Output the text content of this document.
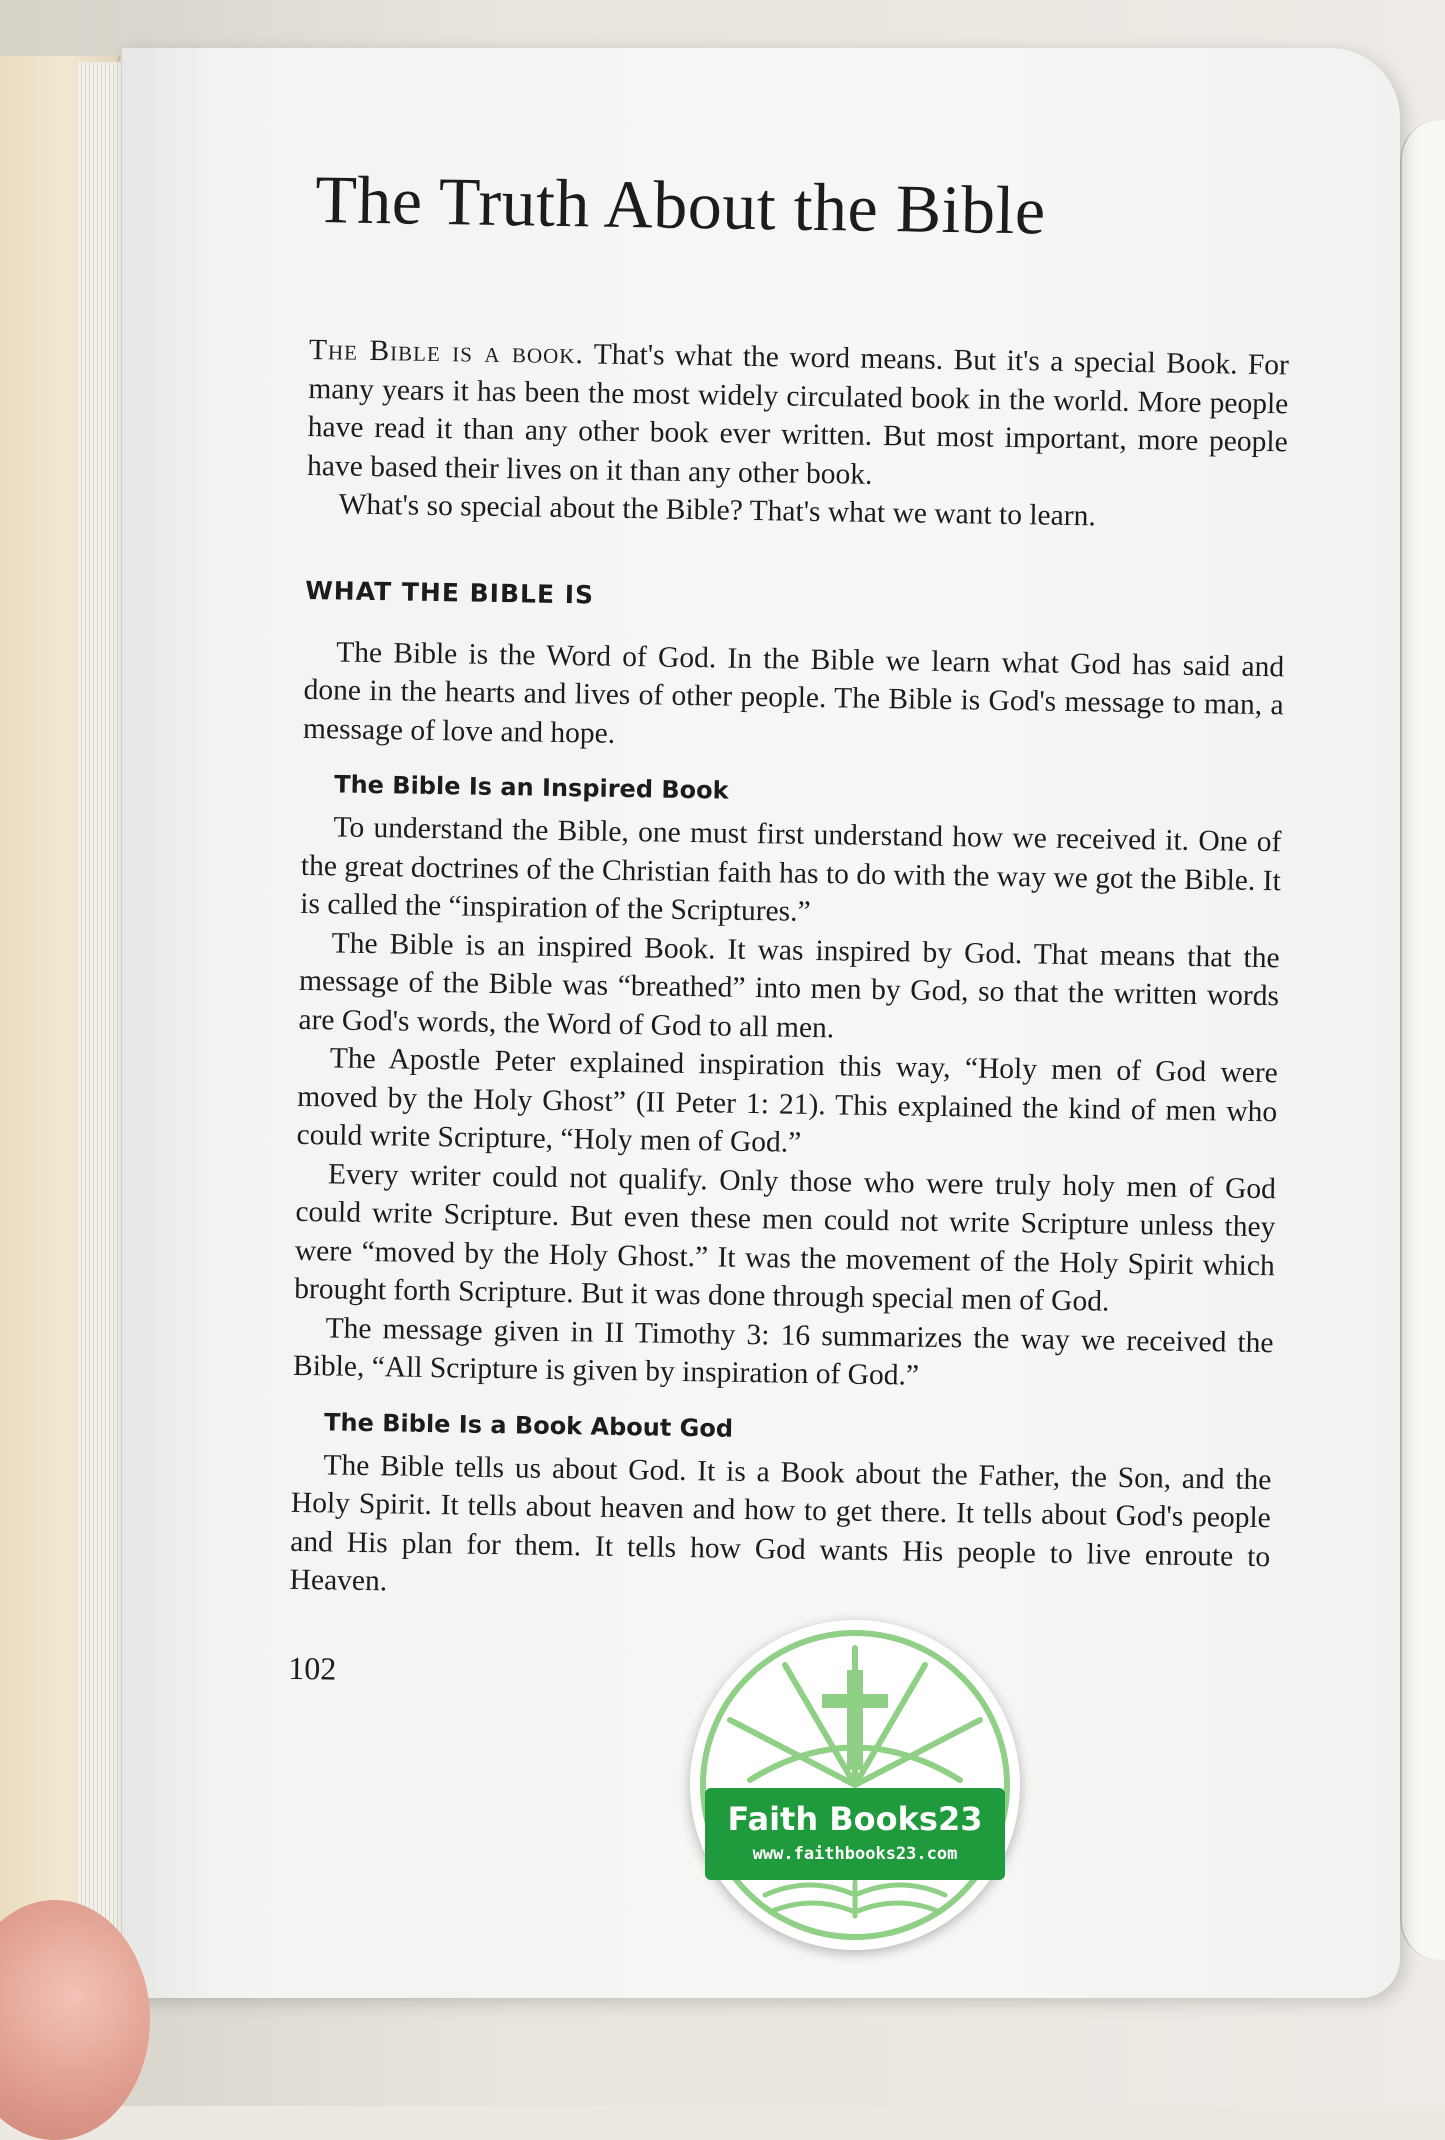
The Truth About the Bible

The Bible is a book. That's what the word means. But it's a special Book. For many years it has been the most widely circulated book in the world. More people have read it than any other book ever written. But most important, more people have based their lives on it than any other book.

What's so special about the Bible? That's what we want to learn.

WHAT THE BIBLE IS

The Bible is the Word of God. In the Bible we learn what God has said and done in the hearts and lives of other people. The Bible is God's message to man, a message of love and hope.

The Bible Is an Inspired Book

To understand the Bible, one must first understand how we received it. One of the great doctrines of the Christian faith has to do with the way we got the Bible. It is called the “inspiration of the Scriptures.”

The Bible is an inspired Book. It was inspired by God. That means that the message of the Bible was “breathed” into men by God, so that the written words are God's words, the Word of God to all men.

The Apostle Peter explained inspiration this way, “Holy men of God were moved by the Holy Ghost” (II Peter 1: 21). This explained the kind of men who could write Scripture, “Holy men of God.”

Every writer could not qualify. Only those who were truly holy men of God could write Scripture. But even these men could not write Scripture unless they were “moved by the Holy Ghost.” It was the movement of the Holy Spirit which brought forth Scripture. But it was done through special men of God.

The message given in II Timothy 3: 16 summarizes the way we received the Bible, “All Scripture is given by inspiration of God.”

The Bible Is a Book About God

The Bible tells us about God. It is a Book about the Father, the Son, and the Holy Spirit. It tells about heaven and how to get there. It tells about God's people and His plan for them. It tells how God wants His people to live enroute to Heaven.

102
Faith Books23
www.faithbooks23.com
